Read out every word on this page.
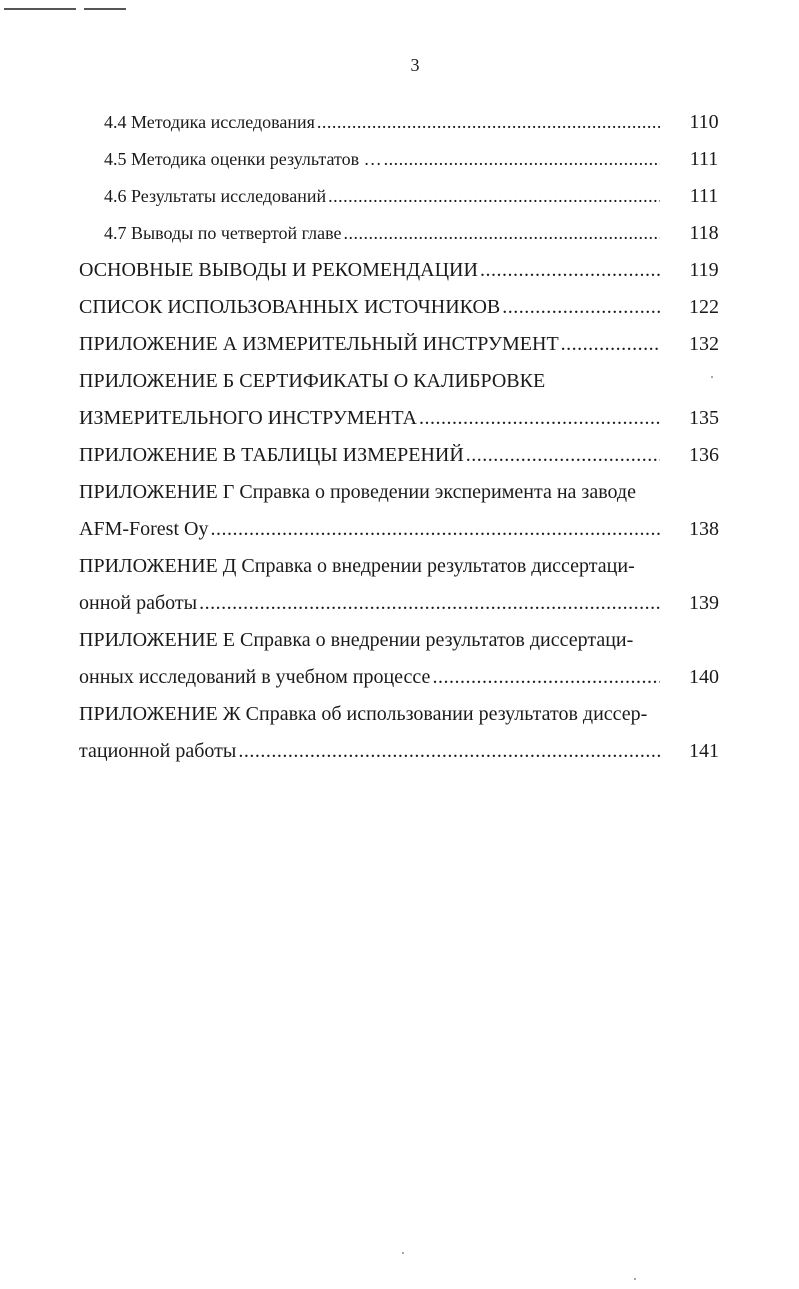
3
4.4 Методика исследования .....	110
4.5 Методика оценки результатов … .....	111
4.6 Результаты исследований .....	111
4.7 Выводы по четвертой главе .....	118
ОСНОВНЫЕ ВЫВОДЫ И РЕКОМЕНДАЦИИ .....	119
СПИСОК ИСПОЛЬЗОВАННЫХ ИСТОЧНИКОВ .....	122
ПРИЛОЖЕНИЕ А ИЗМЕРИТЕЛЬНЫЙ ИНСТРУМЕНТ .....	132
ПРИЛОЖЕНИЕ Б СЕРТИФИКАТЫ О КАЛИБРОВКЕ
ИЗМЕРИТЕЛЬНОГО ИНСТРУМЕНТА .....	135
ПРИЛОЖЕНИЕ В ТАБЛИЦЫ ИЗМЕРЕНИЙ .....	136
ПРИЛОЖЕНИЕ Г Справка о проведении эксперимента на заводе
AFM-Forest Oy .....	138
ПРИЛОЖЕНИЕ Д Справка о внедрении результатов диссертаци-
онной работы .....	139
ПРИЛОЖЕНИЕ Е Справка о внедрении результатов диссертаци-
онных исследований в учебном процессе .....	140
ПРИЛОЖЕНИЕ Ж Справка об использовании результатов диссер-
тационной работы .....	141
